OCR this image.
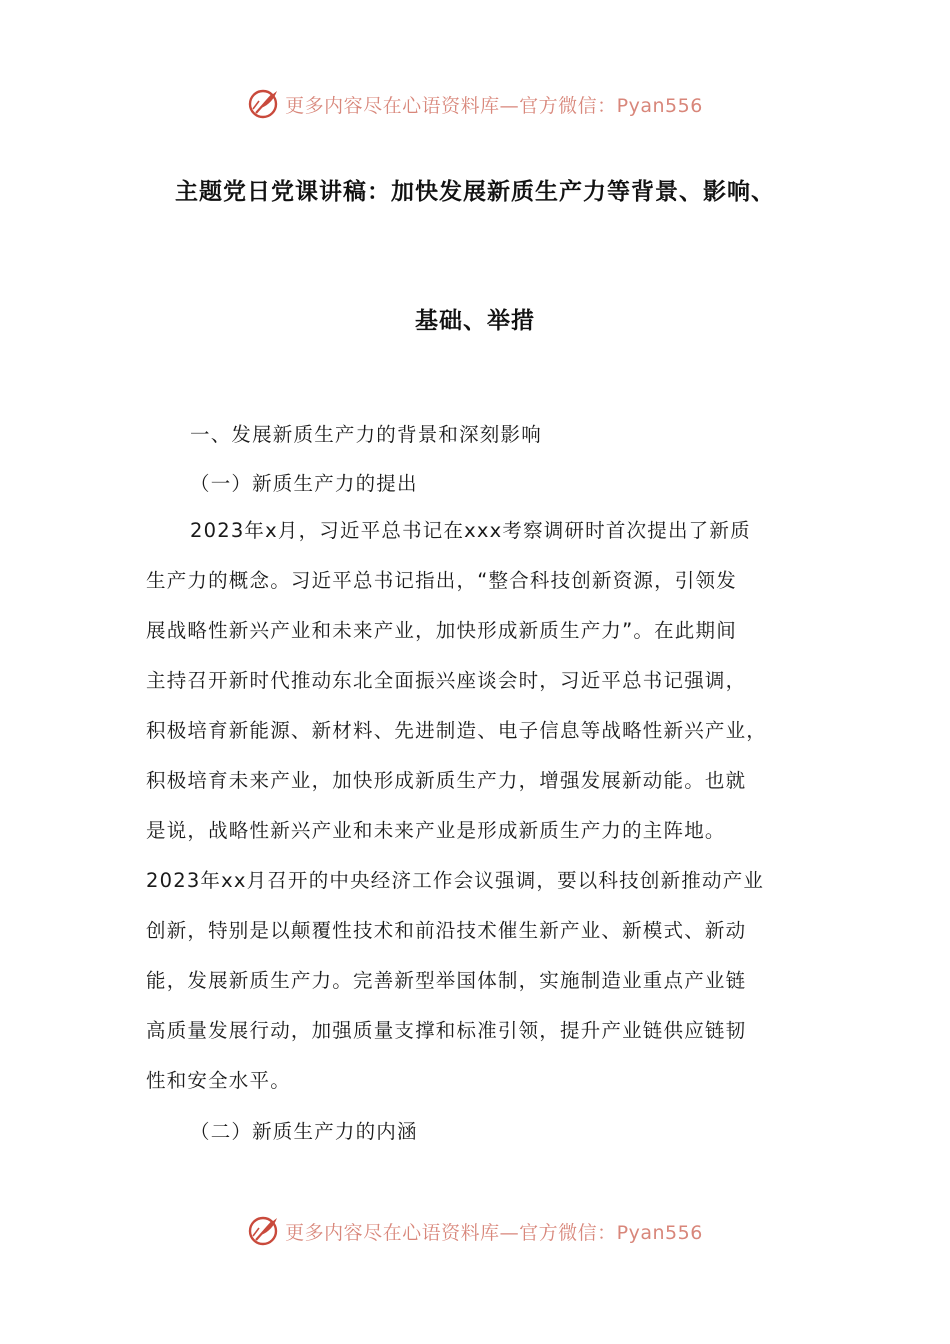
更多内容尽在心语资料库—官方微信：Pyan556
主题党日党课讲稿：加快发展新质生产力等背景、影响、
基础、举措
一、发展新质生产力的背景和深刻影响
（一）新质生产力的提出
2023年x月，习近平总书记在xxx考察调研时首次提出了新质
生产力的概念。习近平总书记指出，“整合科技创新资源，引领发
展战略性新兴产业和未来产业，加快形成新质生产力”。在此期间
主持召开新时代推动东北全面振兴座谈会时，习近平总书记强调，
积极培育新能源、新材料、先进制造、电子信息等战略性新兴产业，
积极培育未来产业，加快形成新质生产力，增强发展新动能。也就
是说，战略性新兴产业和未来产业是形成新质生产力的主阵地。
2023年xx月召开的中央经济工作会议强调，要以科技创新推动产业
创新，特别是以颠覆性技术和前沿技术催生新产业、新模式、新动
能，发展新质生产力。完善新型举国体制，实施制造业重点产业链
高质量发展行动，加强质量支撑和标准引领，提升产业链供应链韧
性和安全水平。
（二）新质生产力的内涵
更多内容尽在心语资料库—官方微信：Pyan556
